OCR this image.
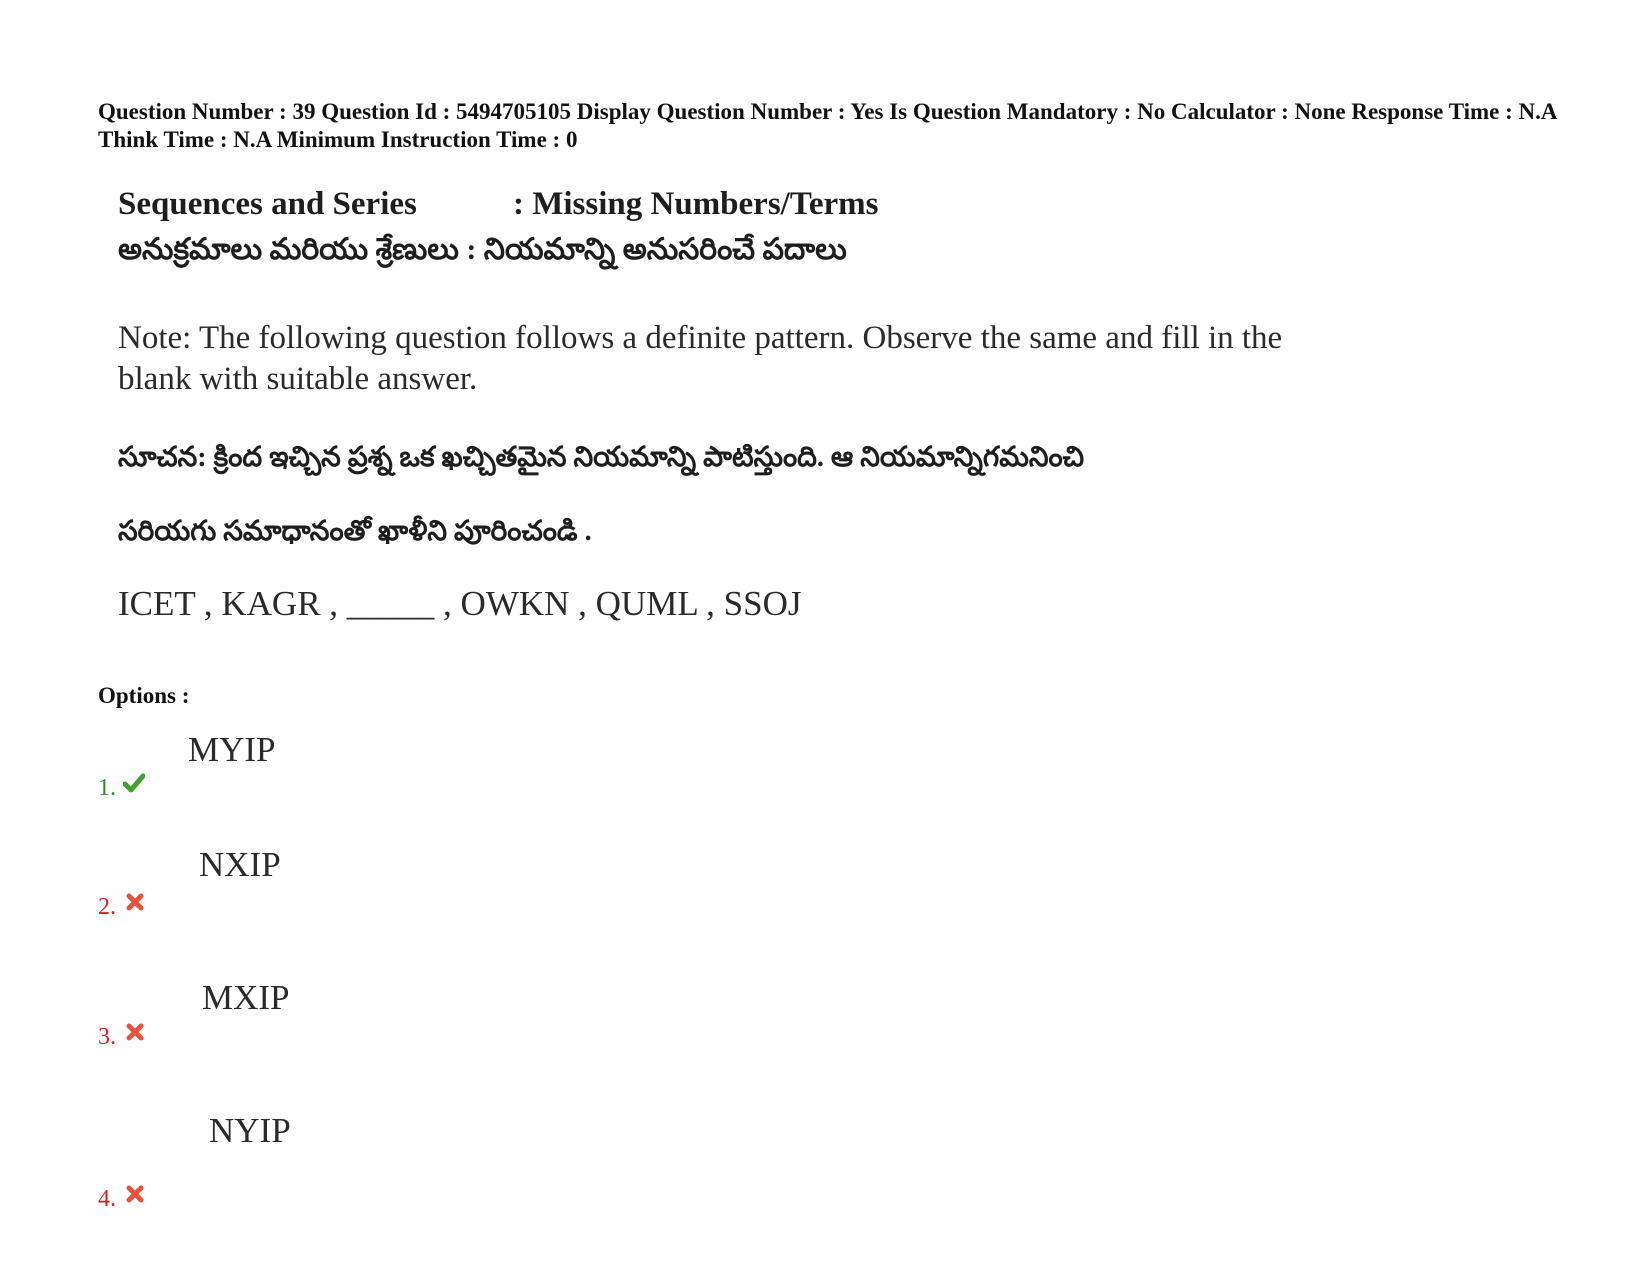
Question Number : 39 Question Id : 5494705105 Display Question Number : Yes Is Question Mandatory : No Calculator : None Response Time : N.A Think Time : N.A Minimum Instruction Time : 0
Sequences and Series	: Missing Numbers/Terms
అనుక్రమాలు మరియు శ్రేణులు : నియమాన్ని అనుసరించే పదాలు
Note: The following question follows a definite pattern. Observe the same and fill in the blank with suitable answer.
సూచన: క్రింద ఇచ్చిన ప్రశ్న ఒక ఖచ్చితమైన నియమాన్ని పాటిస్తుంది. ఆ నియమాన్నిగమనించి
సరియగు సమాధానంతో ఖాళీని పూరించండి .
ICET , KAGR , _____ , OWKN , QUML , SSOJ
Options :
MYIP
1.
NXIP
2.
MXIP
3.
NYIP
4.
